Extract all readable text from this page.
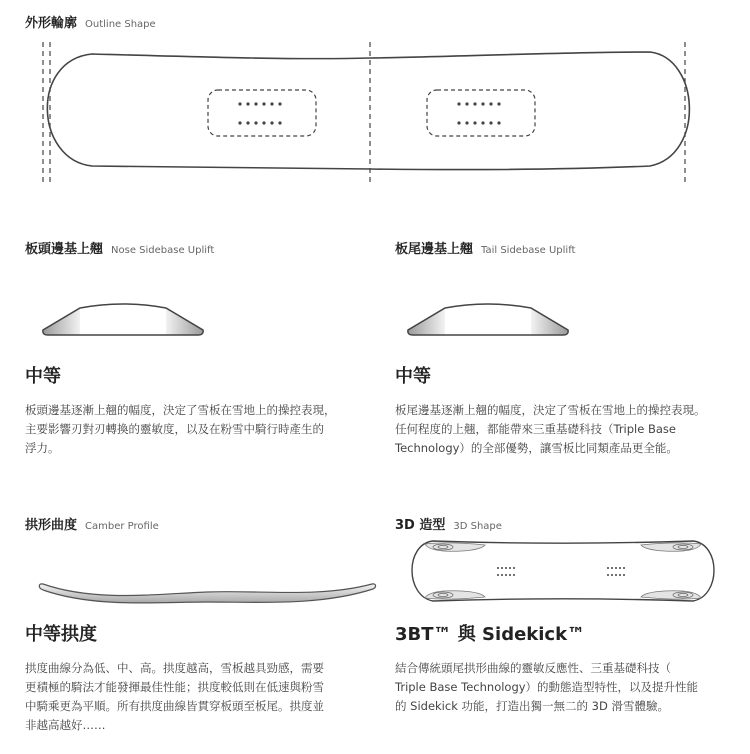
外形輪廓 Outline Shape
板頭邊基上翹 Nose Sidebase Uplift
中等

板頭邊基逐漸上翹的幅度，決定了雪板在雪地上的操控表現，

主要影響刃對刃轉換的靈敏度，以及在粉雪中騎行時產生的

浮力。

板尾邊基上翹 Tail Sidebase Uplift
中等

板尾邊基逐漸上翹的幅度，決定了雪板在雪地上的操控表現。

任何程度的上翹，都能帶來三重基礎科技（Triple Base

Technology）的全部優勢，讓雪板比同類產品更全能。

拱形曲度 Camber Profile
中等拱度

拱度曲線分為低、中、高。拱度越高，雪板越具勁感，需要

更積極的騎法才能發揮最佳性能；拱度較低則在低速與粉雪

中騎乘更為平順。所有拱度曲線皆貫穿板頭至板尾。拱度並

非越高越好……

3D 造型 3D Shape
3BT™ 與 Sidekick™

結合傳統頭尾拱形曲線的靈敏反應性、三重基礎科技（

Triple Base Technology）的動態造型特性，以及提升性能

的 Sidekick 功能，打造出獨一無二的 3D 滑雪體驗。
